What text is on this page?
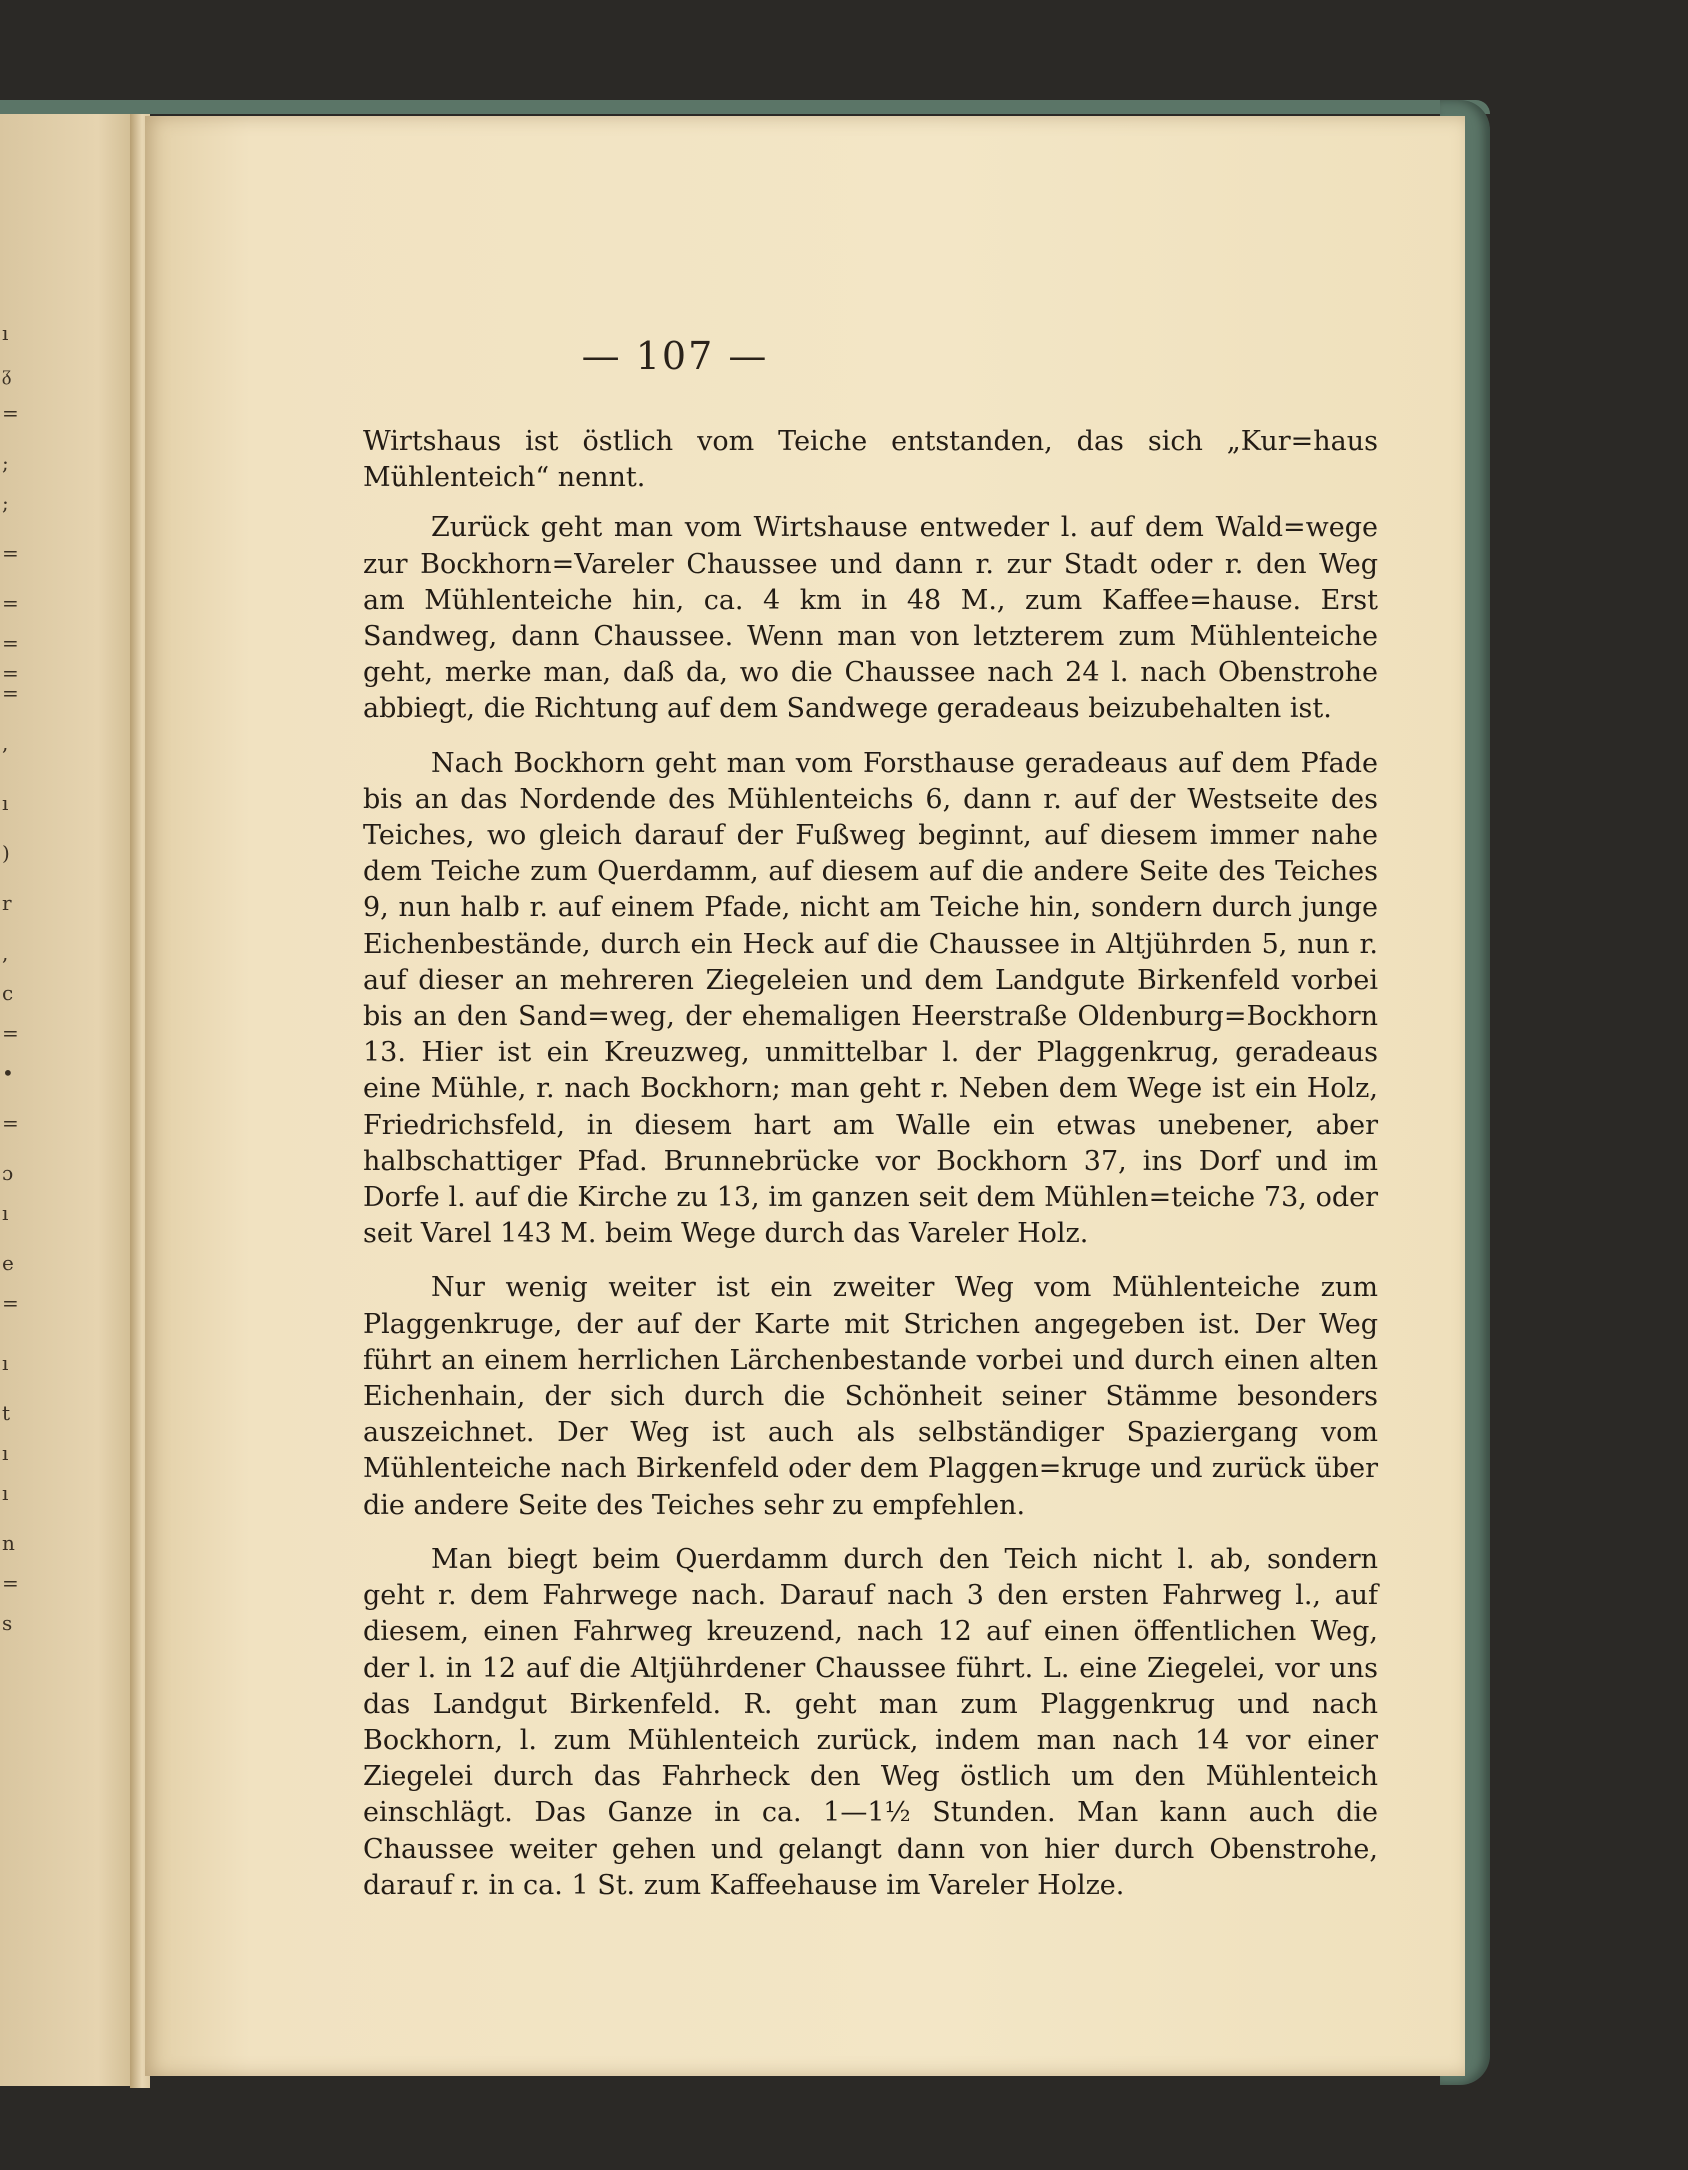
ı
ᵹ
=
;
;
=
=
=
=
=
,
ı
)
r
,
c
=
•
=
ɔ
ı
e
=
ı
t
ı
ı
n
=
s
— 107 —

Wirtshaus ist östlich vom Teiche entstanden, das sich „Kur=haus Mühlenteich“ nennt.

Zurück geht man vom Wirtshause entweder l. auf dem Wald=wege zur Bockhorn=Vareler Chaussee und dann r. zur Stadt oder r. den Weg am Mühlenteiche hin, ca. 4 km in 48 M., zum Kaffee=hause. Erst Sandweg, dann Chaussee. Wenn man von letzterem zum Mühlenteiche geht, merke man, daß da, wo die Chaussee nach 24 l. nach Obenstrohe abbiegt, die Richtung auf dem Sandwege geradeaus beizubehalten ist.

Nach Bockhorn geht man vom Forsthause geradeaus auf dem Pfade bis an das Nordende des Mühlenteichs 6, dann r. auf der Westseite des Teiches, wo gleich darauf der Fußweg beginnt, auf diesem immer nahe dem Teiche zum Querdamm, auf diesem auf die andere Seite des Teiches 9, nun halb r. auf einem Pfade, nicht am Teiche hin, sondern durch junge Eichenbestände, durch ein Heck auf die Chaussee in Altjührden 5, nun r. auf dieser an mehreren Ziegeleien und dem Landgute Birkenfeld vorbei bis an den Sand=weg, der ehemaligen Heerstraße Oldenburg=Bockhorn 13. Hier ist ein Kreuzweg, unmittelbar l. der Plaggenkrug, geradeaus eine Mühle, r. nach Bockhorn; man geht r. Neben dem Wege ist ein Holz, Friedrichsfeld, in diesem hart am Walle ein etwas unebener, aber halbschattiger Pfad. Brunnebrücke vor Bockhorn 37, ins Dorf und im Dorfe l. auf die Kirche zu 13, im ganzen seit dem Mühlen=teiche 73, oder seit Varel 143 M. beim Wege durch das Vareler Holz.

Nur wenig weiter ist ein zweiter Weg vom Mühlenteiche zum Plaggenkruge, der auf der Karte mit Strichen angegeben ist. Der Weg führt an einem herrlichen Lärchenbestande vorbei und durch einen alten Eichenhain, der sich durch die Schönheit seiner Stämme besonders auszeichnet. Der Weg ist auch als selbständiger Spaziergang vom Mühlenteiche nach Birkenfeld oder dem Plaggen=kruge und zurück über die andere Seite des Teiches sehr zu empfehlen.

Man biegt beim Querdamm durch den Teich nicht l. ab, sondern geht r. dem Fahrwege nach. Darauf nach 3 den ersten Fahrweg l., auf diesem, einen Fahrweg kreuzend, nach 12 auf einen öffentlichen Weg, der l. in 12 auf die Altjührdener Chaussee führt. L. eine Ziegelei, vor uns das Landgut Birkenfeld. R. geht man zum Plaggenkrug und nach Bockhorn, l. zum Mühlenteich zurück, indem man nach 14 vor einer Ziegelei durch das Fahrheck den Weg östlich um den Mühlenteich einschlägt. Das Ganze in ca. 1—1½ Stunden. Man kann auch die Chaussee weiter gehen und gelangt dann von hier durch Obenstrohe, darauf r. in ca. 1 St. zum Kaffeehause im Vareler Holze.
